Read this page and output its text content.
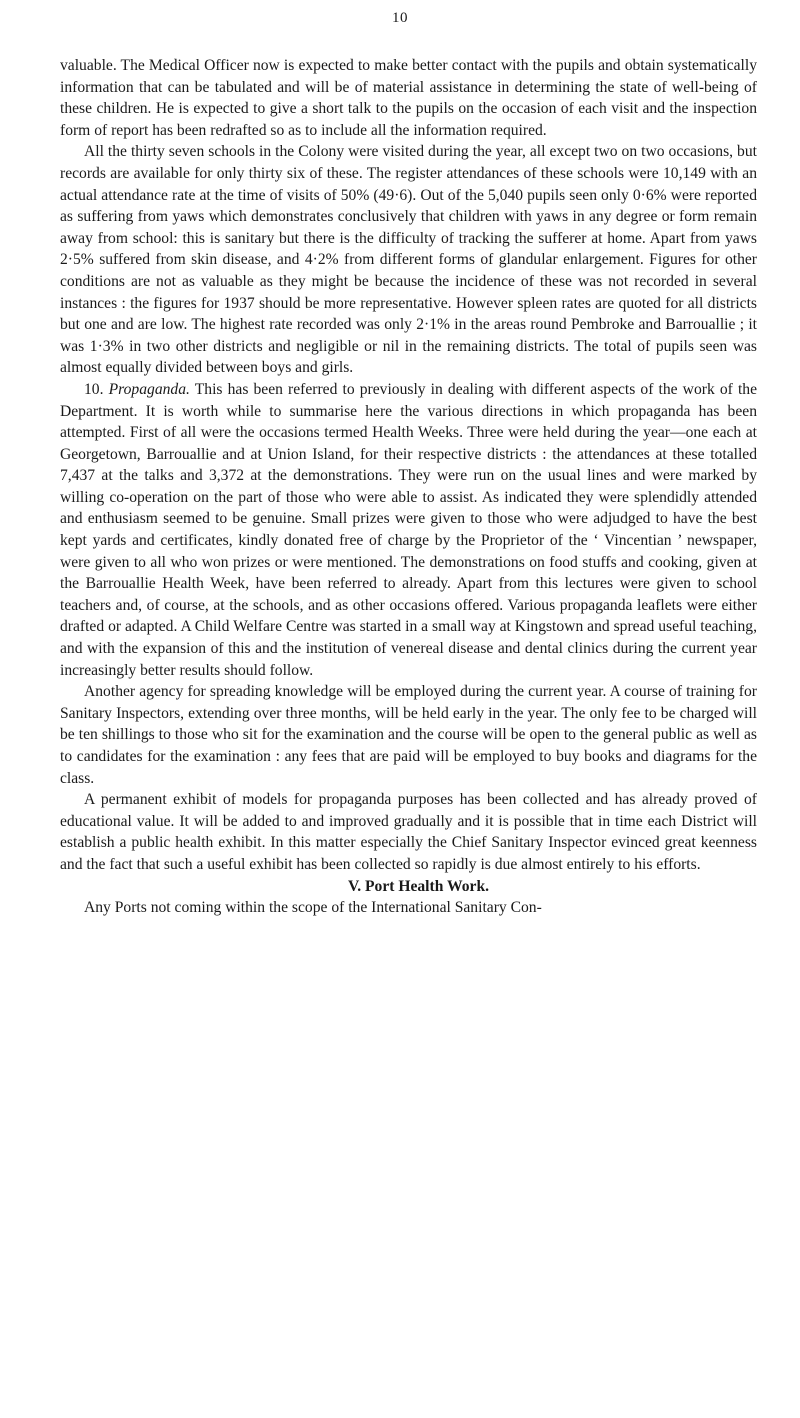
10

valuable. The Medical Officer now is expected to make better contact with the pupils and obtain systematically information that can be tabulated and will be of material assistance in determining the state of well-being of these children. He is expected to give a short talk to the pupils on the occasion of each visit and the inspection form of report has been redrafted so as to include all the information required.

All the thirty seven schools in the Colony were visited during the year, all except two on two occasions, but records are available for only thirty six of these. The register attendances of these schools were 10,149 with an actual attendance rate at the time of visits of 50% (49·6). Out of the 5,040 pupils seen only 0·6% were reported as suffering from yaws which demonstrates conclusively that children with yaws in any degree or form remain away from school: this is sanitary but there is the difficulty of tracking the sufferer at home. Apart from yaws 2·5% suffered from skin disease, and 4·2% from different forms of glandular enlargement. Figures for other conditions are not as valuable as they might be because the incidence of these was not recorded in several instances : the figures for 1937 should be more representative. However spleen rates are quoted for all districts but one and are low. The highest rate recorded was only 2·1% in the areas round Pembroke and Barrouallie ; it was 1·3% in two other districts and negligible or nil in the remaining districts. The total of pupils seen was almost equally divided between boys and girls.

10. Propaganda. This has been referred to previously in dealing with different aspects of the work of the Department. It is worth while to summarise here the various directions in which propaganda has been attempted. First of all were the occasions termed Health Weeks. Three were held during the year—one each at Georgetown, Barrouallie and at Union Island, for their respective districts : the attendances at these totalled 7,437 at the talks and 3,372 at the demonstrations. They were run on the usual lines and were marked by willing co-operation on the part of those who were able to assist. As indicated they were splendidly attended and enthusiasm seemed to be genuine. Small prizes were given to those who were adjudged to have the best kept yards and certificates, kindly donated free of charge by the Proprietor of the ‘ Vincentian ’ newspaper, were given to all who won prizes or were mentioned. The demonstrations on food stuffs and cooking, given at the Barrouallie Health Week, have been referred to already. Apart from this lectures were given to school teachers and, of course, at the schools, and as other occasions offered. Various propaganda leaflets were either drafted or adapted. A Child Welfare Centre was started in a small way at Kingstown and spread useful teaching, and with the expansion of this and the institution of venereal disease and dental clinics during the current year increasingly better results should follow.

Another agency for spreading knowledge will be employed during the current year. A course of training for Sanitary Inspectors, extending over three months, will be held early in the year. The only fee to be charged will be ten shillings to those who sit for the examination and the course will be open to the general public as well as to candidates for the examination : any fees that are paid will be employed to buy books and diagrams for the class.

A permanent exhibit of models for propaganda purposes has been collected and has already proved of educational value. It will be added to and improved gradually and it is possible that in time each District will establish a public health exhibit. In this matter especially the Chief Sanitary Inspector evinced great keenness and the fact that such a useful exhibit has been collected so rapidly is due almost entirely to his efforts.

V. Port Health Work.

Any Ports not coming within the scope of the International Sanitary Con-
